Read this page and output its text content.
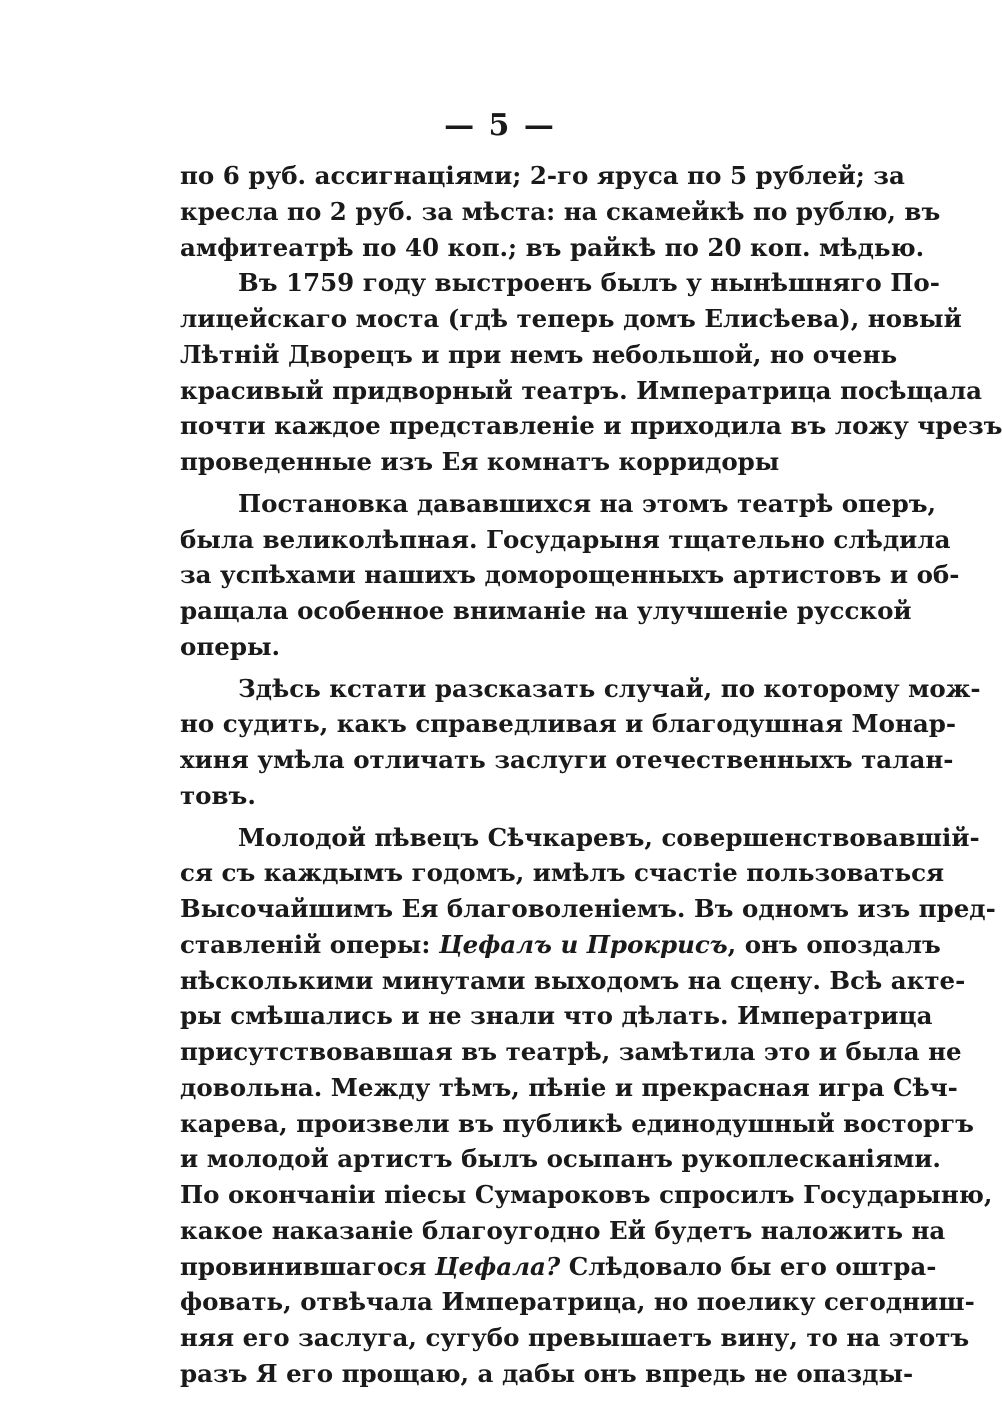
— 5 —
по 6 руб. ассигнаціями; 2-го яруса по 5 рублей; за
кресла по 2 руб. за мѣста: на скамейкѣ по рублю, въ
амфитеатрѣ по 40 коп.; въ райкѣ по 20 коп. мѣдью.
Въ 1759 году выстроенъ былъ у нынѣшняго По-
лицейскаго моста (гдѣ теперь домъ Елисѣева), новый
Лѣтній Дворецъ и при немъ небольшой, но очень
красивый придворный театръ. Императрица посѣщала
почти каждое представленіе и приходила въ ложу чрезъ
проведенные изъ Ея комнатъ корридоры
Постановка дававшихся на этомъ театрѣ оперъ,
была великолѣпная. Государыня тщательно слѣдила
за успѣхами нашихъ доморощенныхъ артистовъ и об-
ращала особенное вниманіе на улучшеніе русской
оперы.
Здѣсь кстати разсказать случай, по которому мож-
но судить, какъ справедливая и благодушная Монар-
хиня умѣла отличать заслуги отечественныхъ талан-
товъ.
Молодой пѣвецъ Сѣчкаревъ, совершенствовавшій-
ся съ каждымъ годомъ, имѣлъ счастіе пользоваться
Высочайшимъ Ея благоволеніемъ. Въ одномъ изъ пред-
ставленій оперы: Цефалъ и Прокрисъ, онъ опоздалъ
нѣсколькими минутами выходомъ на сцену. Всѣ акте-
ры смѣшались и не знали что дѣлать. Императрица
присутствовавшая въ театрѣ, замѣтила это и была не
довольна. Между тѣмъ, пѣніе и прекрасная игра Сѣч-
карева, произвели въ публикѣ единодушный восторгъ
и молодой артистъ былъ осыпанъ рукоплесканіями.
По окончаніи піесы Сумароковъ спросилъ Государыню,
какое наказаніе благоугодно Ей будетъ наложить на
провинившагося Цефала? Слѣдовало бы его оштра-
фовать, отвѣчала Императрица, но поелику сегодниш-
няя его заслуга, сугубо превышаетъ вину, то на этотъ
разъ Я его прощаю, а дабы онъ впредь не опазды-
